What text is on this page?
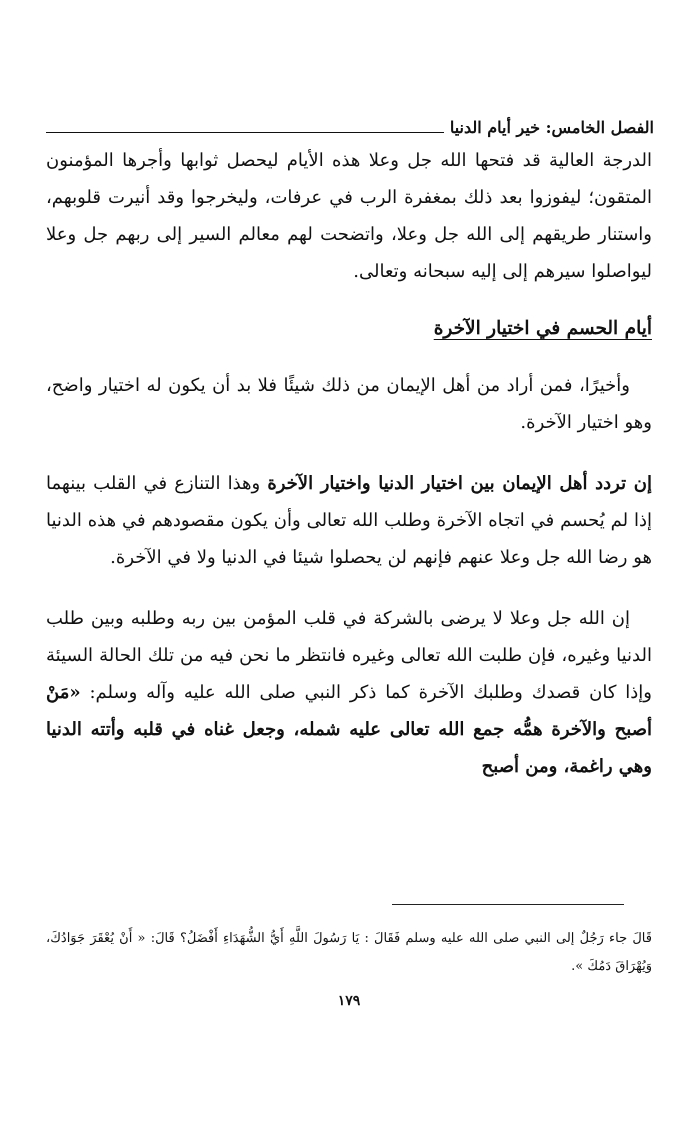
الفصل الخامس: خير أيام الدنيا

الدرجة العالية قد فتحها الله جل وعلا هذه الأيام ليحصل ثوابها وأجرها المؤمنون المتقون؛ ليفوزوا بعد ذلك بمغفرة الرب في عرفات، وليخرجوا وقد أنيرت قلوبهم، واستنار طريقهم إلى الله جل وعلا، واتضحت لهم معالم السير إلى ربهم جل وعلا ليواصلوا سيرهم إلى إليه سبحانه وتعالى.

أيام الحسم في اختيار الآخرة

وأخيرًا، فمن أراد من أهل الإيمان من ذلك شيئًا فلا بد أن يكون له اختيار واضح، وهو اختيار الآخرة.

إن تردد أهل الإيمان بين اختيار الدنيا واختيار الآخرة وهذا التنازع في القلب بينهما إذا لم يُحسم في اتجاه الآخرة وطلب الله تعالى وأن يكون مقصودهم في هذه الدنيا هو رضا الله جل وعلا عنهم فإنهم لن يحصلوا شيئا في الدنيا ولا في الآخرة.

إن الله جل وعلا لا يرضى بالشركة في قلب المؤمن بين ربه وطلبه وبين طلب الدنيا وغيره، فإن طلبت الله تعالى وغيره فانتظر ما نحن فيه من تلك الحالة السيئة وإذا كان قصدك وطلبك الآخرة كما ذكر النبي صلى الله عليه وآله وسلم: «مَنْ أصبح والآخرة همُّه جمع الله تعالى عليه شمله، وجعل غناه في قلبه وأتته الدنيا وهي راغمة، ومن أصبح

قَالَ جاء رَجُلٌ إلى النبي صلى الله عليه وسلم فَقَالَ : يَا رَسُولَ اللَّهِ أَيُّ الشُّهَدَاءِ أَفْضَلُ؟ قَالَ: « أَنْ يُعْقَرَ جَوَادُكَ، وَيُهْرَاقَ دَمُكَ ».

١٧٩
